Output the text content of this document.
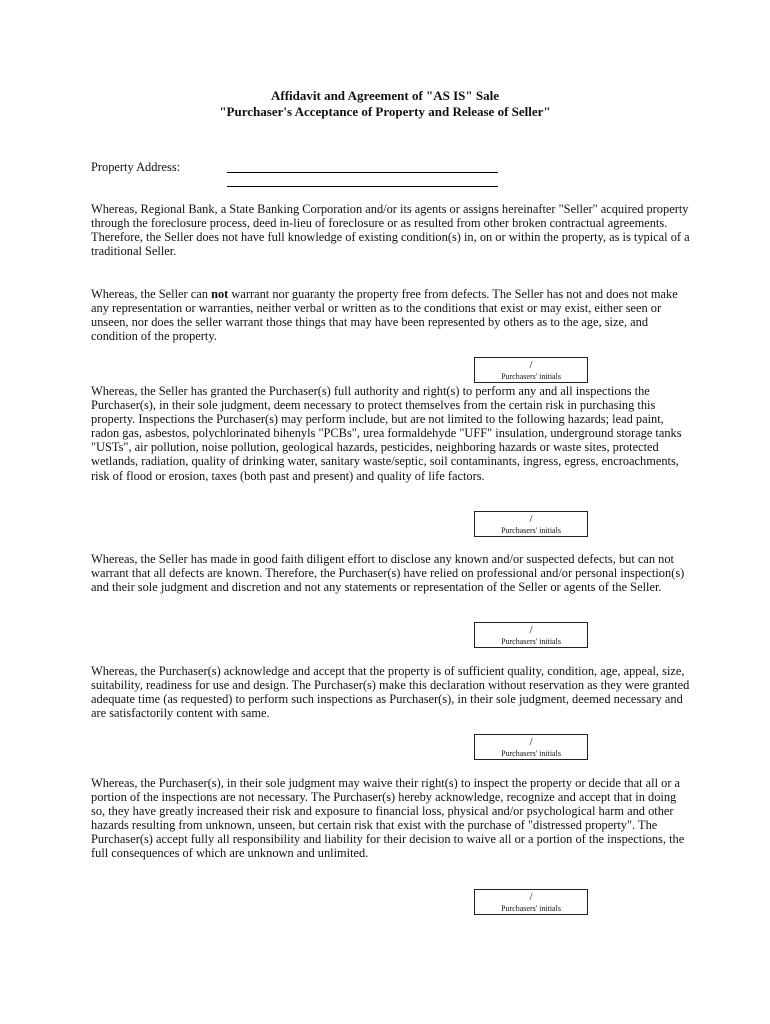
Affidavit and Agreement of "AS IS" Sale
"Purchaser's Acceptance of Property and Release of Seller"
Property Address:
Whereas, Regional Bank, a State Banking Corporation and/or its agents or assigns hereinafter "Seller" acquired property through the foreclosure process, deed in-lieu of foreclosure or as resulted from other broken contractual agreements. Therefore, the Seller does not have full knowledge of existing condition(s) in, on or within the property, as is typical of a traditional Seller.
Whereas, the Seller can not warrant nor guaranty the property free from defects. The Seller has not and does not make any representation or warranties, neither verbal or written as to the conditions that exist or may exist, either seen or unseen, nor does the seller warrant those things that may have been represented by others as to the age, size, and condition of the property.
/
Purchasers' initials
Whereas, the Seller has granted the Purchaser(s) full authority and right(s) to perform any and all inspections the Purchaser(s), in their sole judgment, deem necessary to protect themselves from the certain risk in purchasing this property. Inspections the Purchaser(s) may perform include, but are not limited to the following hazards; lead paint, radon gas, asbestos, polychlorinated bihenyls "PCBs", urea formaldehyde "UFF" insulation, underground storage tanks "USTs", air pollution, noise pollution, geological hazards, pesticides, neighboring hazards or waste sites, protected wetlands, radiation, quality of drinking water, sanitary waste/septic, soil contaminants, ingress, egress, encroachments, risk of flood or erosion, taxes (both past and present) and quality of life factors.
/
Purchasers' initials
Whereas, the Seller has made in good faith diligent effort to disclose any known and/or suspected defects, but can not warrant that all defects are known. Therefore, the Purchaser(s) have relied on professional and/or personal inspection(s) and their sole judgment and discretion and not any statements or representation of the Seller or agents of the Seller.
/
Purchasers' initials
Whereas, the Purchaser(s) acknowledge and accept that the property is of sufficient quality, condition, age, appeal, size, suitability, readiness for use and design. The Purchaser(s) make this declaration without reservation as they were granted adequate time (as requested) to perform such inspections as Purchaser(s), in their sole judgment, deemed necessary and are satisfactorily content with same.
/
Purchasers' initials
Whereas, the Purchaser(s), in their sole judgment may waive their right(s) to inspect the property or decide that all or a portion of the inspections are not necessary. The Purchaser(s) hereby acknowledge, recognize and accept that in doing so, they have greatly increased their risk and exposure to financial loss, physical and/or psychological harm and other hazards resulting from unknown, unseen, but certain risk that exist with the purchase of "distressed property". The Purchaser(s) accept fully all responsibility and liability for their decision to waive all or a portion of the inspections, the full consequences of which are unknown and unlimited.
/
Purchasers' initials
